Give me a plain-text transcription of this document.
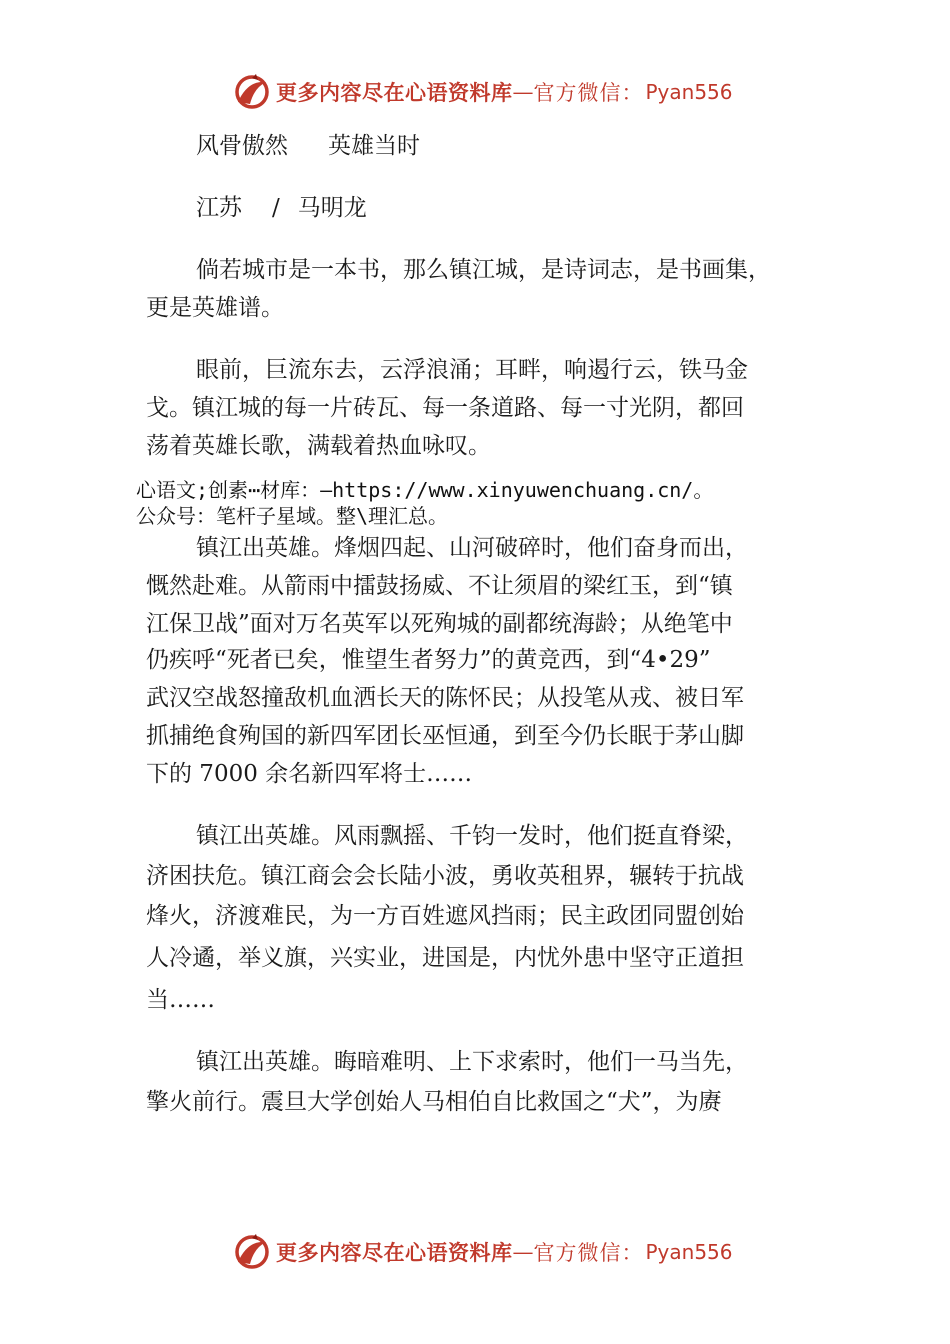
更多内容尽在心语资料库 — 官方微信： Pyan556
风骨傲然 英雄当时
江苏 / 马明龙
倘若城市是一本书，那么镇江城，是诗词志，是书画集，
更是英雄谱。
眼前，巨流东去，云浮浪涌；耳畔，响遏行云，铁马金
戈。镇江城的每一片砖瓦、每一条道路、每一寸光阴，都回
荡着英雄长歌，满载着热血咏叹。
心语文;创素⋯材库：—https://www.xinyuwenchuang.cn/。
公众号：笔杆子星域。整\理汇总。
镇江出英雄。烽烟四起、山河破碎时，他们奋身而出，
慨然赴难。从箭雨中擂鼓扬威、不让须眉的梁红玉，到“镇
江保卫战”面对万名英军以死殉城的副都统海龄；从绝笔中
仍疾呼“死者已矣，惟望生者努力”的黄竞西，到“4•29”
武汉空战怒撞敌机血洒长天的陈怀民；从投笔从戎、被日军
抓捕绝食殉国的新四军团长巫恒通，到至今仍长眠于茅山脚
下的 7000 余名新四军将士……
镇江出英雄。风雨飘摇、千钧一发时，他们挺直脊梁，
济困扶危。镇江商会会长陆小波，勇收英租界，辗转于抗战
烽火，济渡难民，为一方百姓遮风挡雨；民主政团同盟创始
人冷遹，举义旗，兴实业，进国是，内忧外患中坚守正道担
当……
镇江出英雄。晦暗难明、上下求索时，他们一马当先，
擎火前行。震旦大学创始人马相伯自比救国之“犬”，为赓
更多内容尽在心语资料库 — 官方微信： Pyan556
